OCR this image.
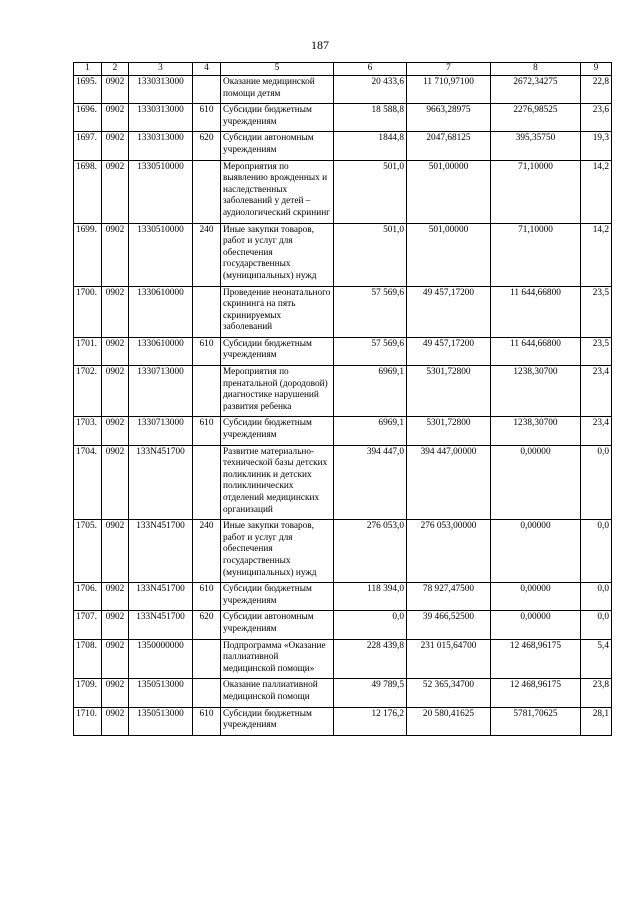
187
1	2	3	4	5	6	7	8	9
1695.	0902	1330313000		Оказание медицинской помощи детям	20 433,6	11 710,97100	2672,34275	22,8
1696.	0902	1330313000	610	Субсидии бюджетным учреждениям	18 588,8	9663,28975	2276,98525	23,6
1697.	0902	1330313000	620	Субсидии автономным учреждениям	1844,8	2047,68125	395,35750	19,3
1698.	0902	1330510000		Мероприятия по выявлению врожденных и наследственных заболеваний у детей – аудиологический скрининг	501,0	501,00000	71,10000	14,2
1699.	0902	1330510000	240	Иные закупки товаров, работ и услуг для обеспечения государственных (муниципальных) нужд	501,0	501,00000	71,10000	14,2
1700.	0902	1330610000		Проведение неонатального скрининга на пять скринируемых заболеваний	57 569,6	49 457,17200	11 644,66800	23,5
1701.	0902	1330610000	610	Субсидии бюджетным учреждениям	57 569,6	49 457,17200	11 644,66800	23,5
1702.	0902	1330713000		Мероприятия по пренатальной (дородовой) диагностике нарушений развития ребенка	6969,1	5301,72800	1238,30700	23,4
1703.	0902	1330713000	610	Субсидии бюджетным учреждениям	6969,1	5301,72800	1238,30700	23,4
1704.	0902	133N451700		Развитие материально-технической базы детских поликлиник и детских поликлинических отделений медицинских организаций	394 447,0	394 447,00000	0,00000	0,0
1705.	0902	133N451700	240	Иные закупки товаров, работ и услуг для обеспечения государственных (муниципальных) нужд	276 053,0	276 053,00000	0,00000	0,0
1706.	0902	133N451700	610	Субсидии бюджетным учреждениям	118 394,0	78 927,47500	0,00000	0,0
1707.	0902	133N451700	620	Субсидии автономным учреждениям	0,0	39 466,52500	0,00000	0,0
1708.	0902	1350000000		Подпрограмма «Оказание паллиативной медицинской помощи»	228 439,8	231 015,64700	12 468,96175	5,4
1709.	0902	1350513000		Оказание паллиативной медицинской помощи	49 789,5	52 365,34700	12 468,96175	23,8
1710.	0902	1350513000	610	Субсидии бюджетным учреждениям	12 176,2	20 580,41625	5781,70625	28,1
